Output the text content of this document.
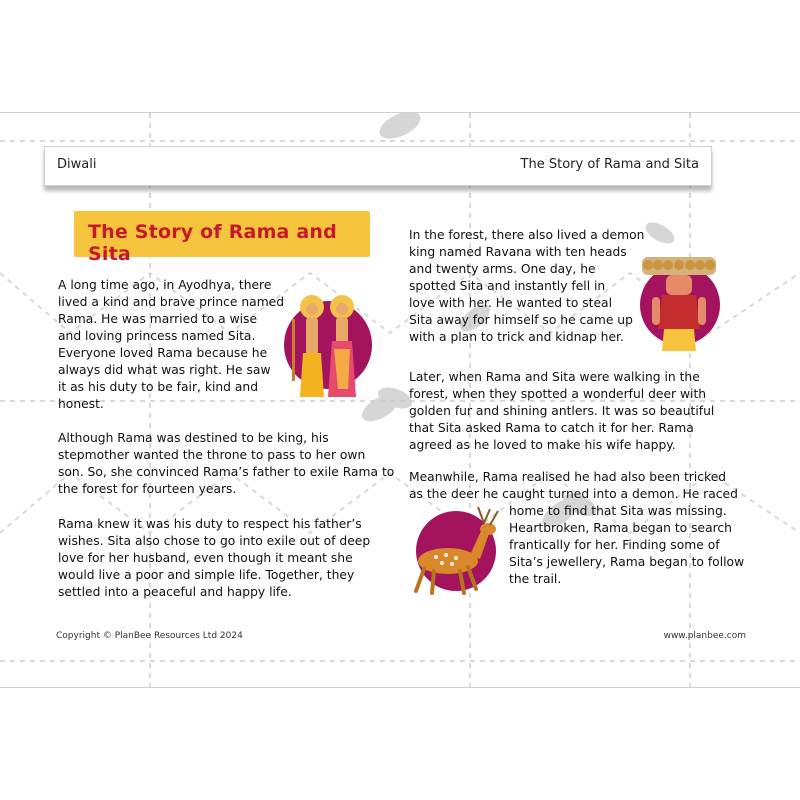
Diwali	The Story of Rama and Sita
The Story of Rama and Sita

A long time ago, in Ayodhya, there
lived a kind and brave prince named
Rama. He was married to a wise
and loving princess named Sita.
Everyone loved Rama because he
always did what was right. He saw
it as his duty to be fair, kind and
honest.

Although Rama was destined to be king, his
stepmother wanted the throne to pass to her own
son. So, she convinced Rama’s father to exile Rama to
the forest for fourteen years.

Rama knew it was his duty to respect his father’s
wishes. Sita also chose to go into exile out of deep
love for her husband, even though it meant she
would live a poor and simple life. Together, they
settled into a peaceful and happy life.

In the forest, there also lived a demon
king named Ravana with ten heads
and twenty arms. One day, he
spotted Sita and instantly fell in
love with her. He wanted to steal
Sita away for himself so he came up
with a plan to trick and kidnap her.

Later, when Rama and Sita were walking in the
forest, when they spotted a wonderful deer with
golden fur and shining antlers. It was so beautiful
that Sita asked Rama to catch it for her. Rama
agreed as he loved to make his wife happy.

Meanwhile, Rama realised he had also been tricked
as the deer he caught turned into a demon. He raced
home to find that Sita was missing.
Heartbroken, Rama began to search
frantically for her. Finding some of
Sita’s jewellery, Rama began to follow
the trail.

Copyright © PlanBee Resources Ltd 2024	www.planbee.com
